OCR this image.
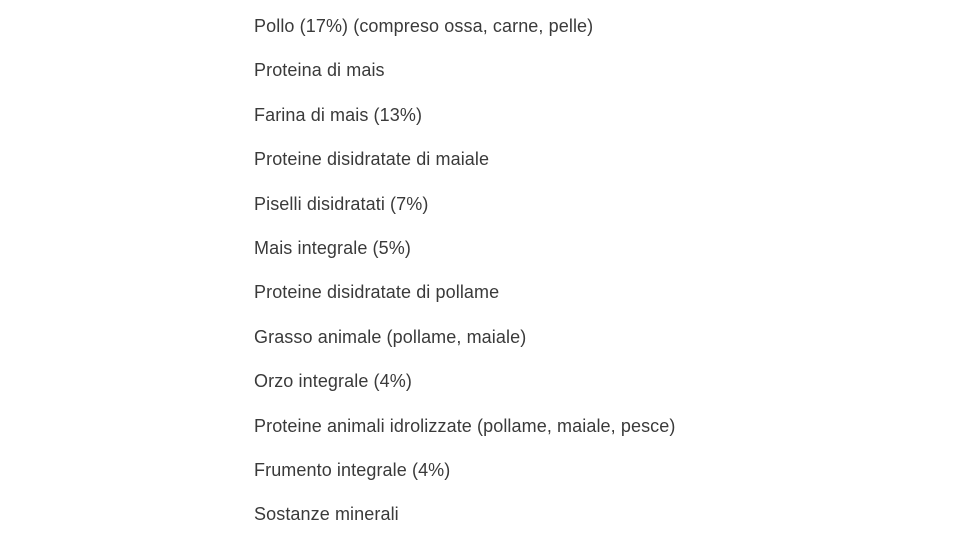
Pollo (17%) (compreso ossa, carne, pelle)
Proteina di mais
Farina di mais (13%)
Proteine disidratate di maiale
Piselli disidratati (7%)
Mais integrale (5%)
Proteine disidratate di pollame
Grasso animale (pollame, maiale)
Orzo integrale (4%)
Proteine animali idrolizzate (pollame, maiale, pesce)
Frumento integrale (4%)
Sostanze minerali
